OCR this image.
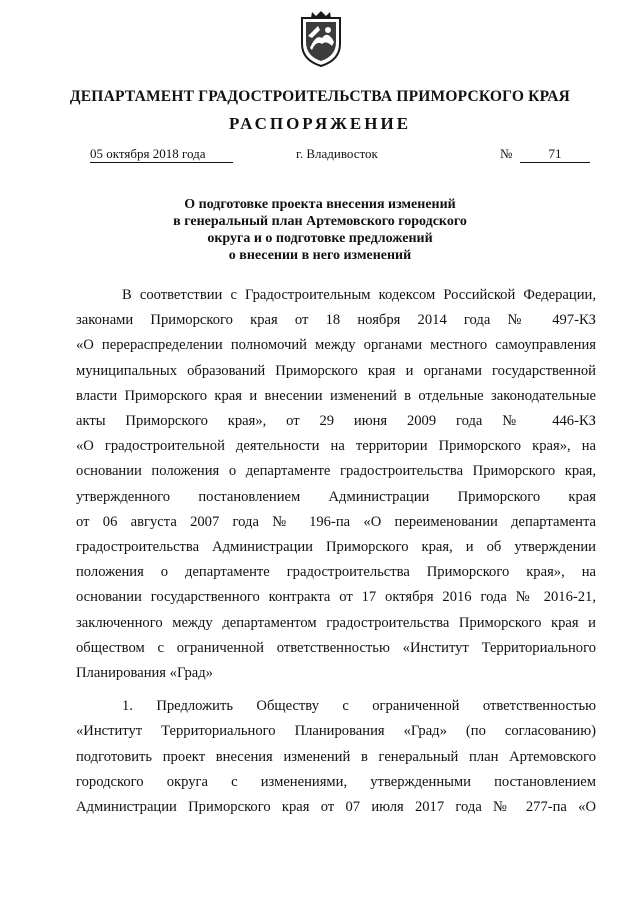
ДЕПАРТАМЕНТ ГРАДОСТРОИТЕЛЬСТВА ПРИМОРСКОГО КРАЯ
РАСПОРЯЖЕНИЕ
05 октября 2018 года	г. Владивосток	№	71
О подготовке проекта внесения изменений
в генеральный план Артемовского городского
округа и о подготовке предложений
о внесении в него изменений

В соответствии с Градостроительным кодексом Российской Федерации,

законами Приморского края от 18 ноября 2014 года № 497-КЗ

«О перераспределении полномочий между органами местного самоуправления

муниципальных образований Приморского края и органами государственной

власти Приморского края и внесении изменений в отдельные законодательные

акты Приморского края», от 29 июня 2009 года № 446-КЗ

«О градостроительной деятельности на территории Приморского края», на

основании положения о департаменте градостроительства Приморского края,

утвержденного постановлением Администрации Приморского края

от 06 августа 2007 года № 196-па «О переименовании департамента

градостроительства Администрации Приморского края, и об утверждении

положения о департаменте градостроительства Приморского края», на

основании государственного контракта от 17 октября 2016 года № 2016-21,

заключенного между департаментом градостроительства Приморского края и

обществом с ограниченной ответственностью «Институт Территориального

Планирования «Град»

1. Предложить Обществу с ограниченной ответственностью

«Институт Территориального Планирования «Град» (по согласованию)

подготовить проект внесения изменений в генеральный план Артемовского

городского округа с изменениями, утвержденными постановлением

Администрации Приморского края от 07 июля 2017 года № 277-па «О
